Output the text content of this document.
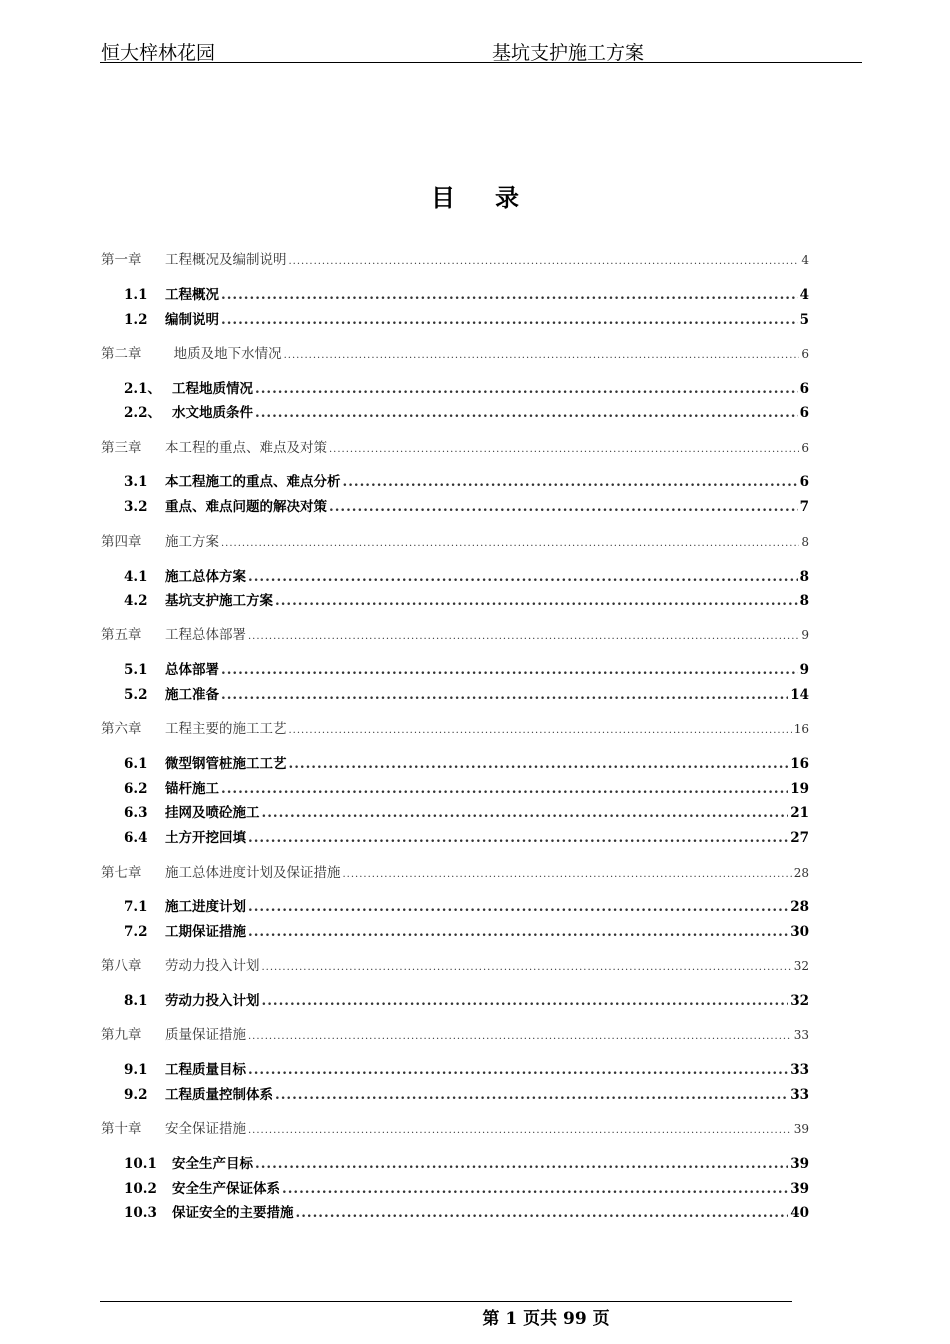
恒大梓林花园	基坑支护施工方案
目录
第一章	工程概况及编制说明 .....	4
1.1	工程概况 .....	4
1.2	编制说明 .....	5
第二章	地质及地下水情况 .....	6
2.1、 工程地质情况 .....	6
2.2、 水文地质条件 .....	6
第三章	本工程的重点、难点及对策 .....	6
3.1	本工程施工的重点、难点分析 .....	6
3.2	重点、难点问题的解决对策 .....	7
第四章	施工方案 .....	8
4.1	施工总体方案 .....	8
4.2	基坑支护施工方案 .....	8
第五章	工程总体部署 .....	9
5.1	总体部署 .....	9
5.2	施工准备 .....	14
第六章	工程主要的施工工艺 .....	16
6.1	微型钢管桩施工工艺 .....	16
6.2	锚杆施工 .....	19
6.3	挂网及喷砼施工 .....	21
6.4	土方开挖回填 .....	27
第七章	施工总体进度计划及保证措施 .....	28
7.1	施工进度计划 .....	28
7.2	工期保证措施 .....	30
第八章	劳动力投入计划 .....	32
8.1	劳动力投入计划 .....	32
第九章	质量保证措施 .....	33
9.1	工程质量目标 .....	33
9.2	工程质量控制体系 .....	33
第十章	安全保证措施 .....	39
10.1	安全生产目标 .....	39
10.2	安全生产保证体系 .....	39
10.3	保证安全的主要措施 .....	40
第 1 页共 99 页
